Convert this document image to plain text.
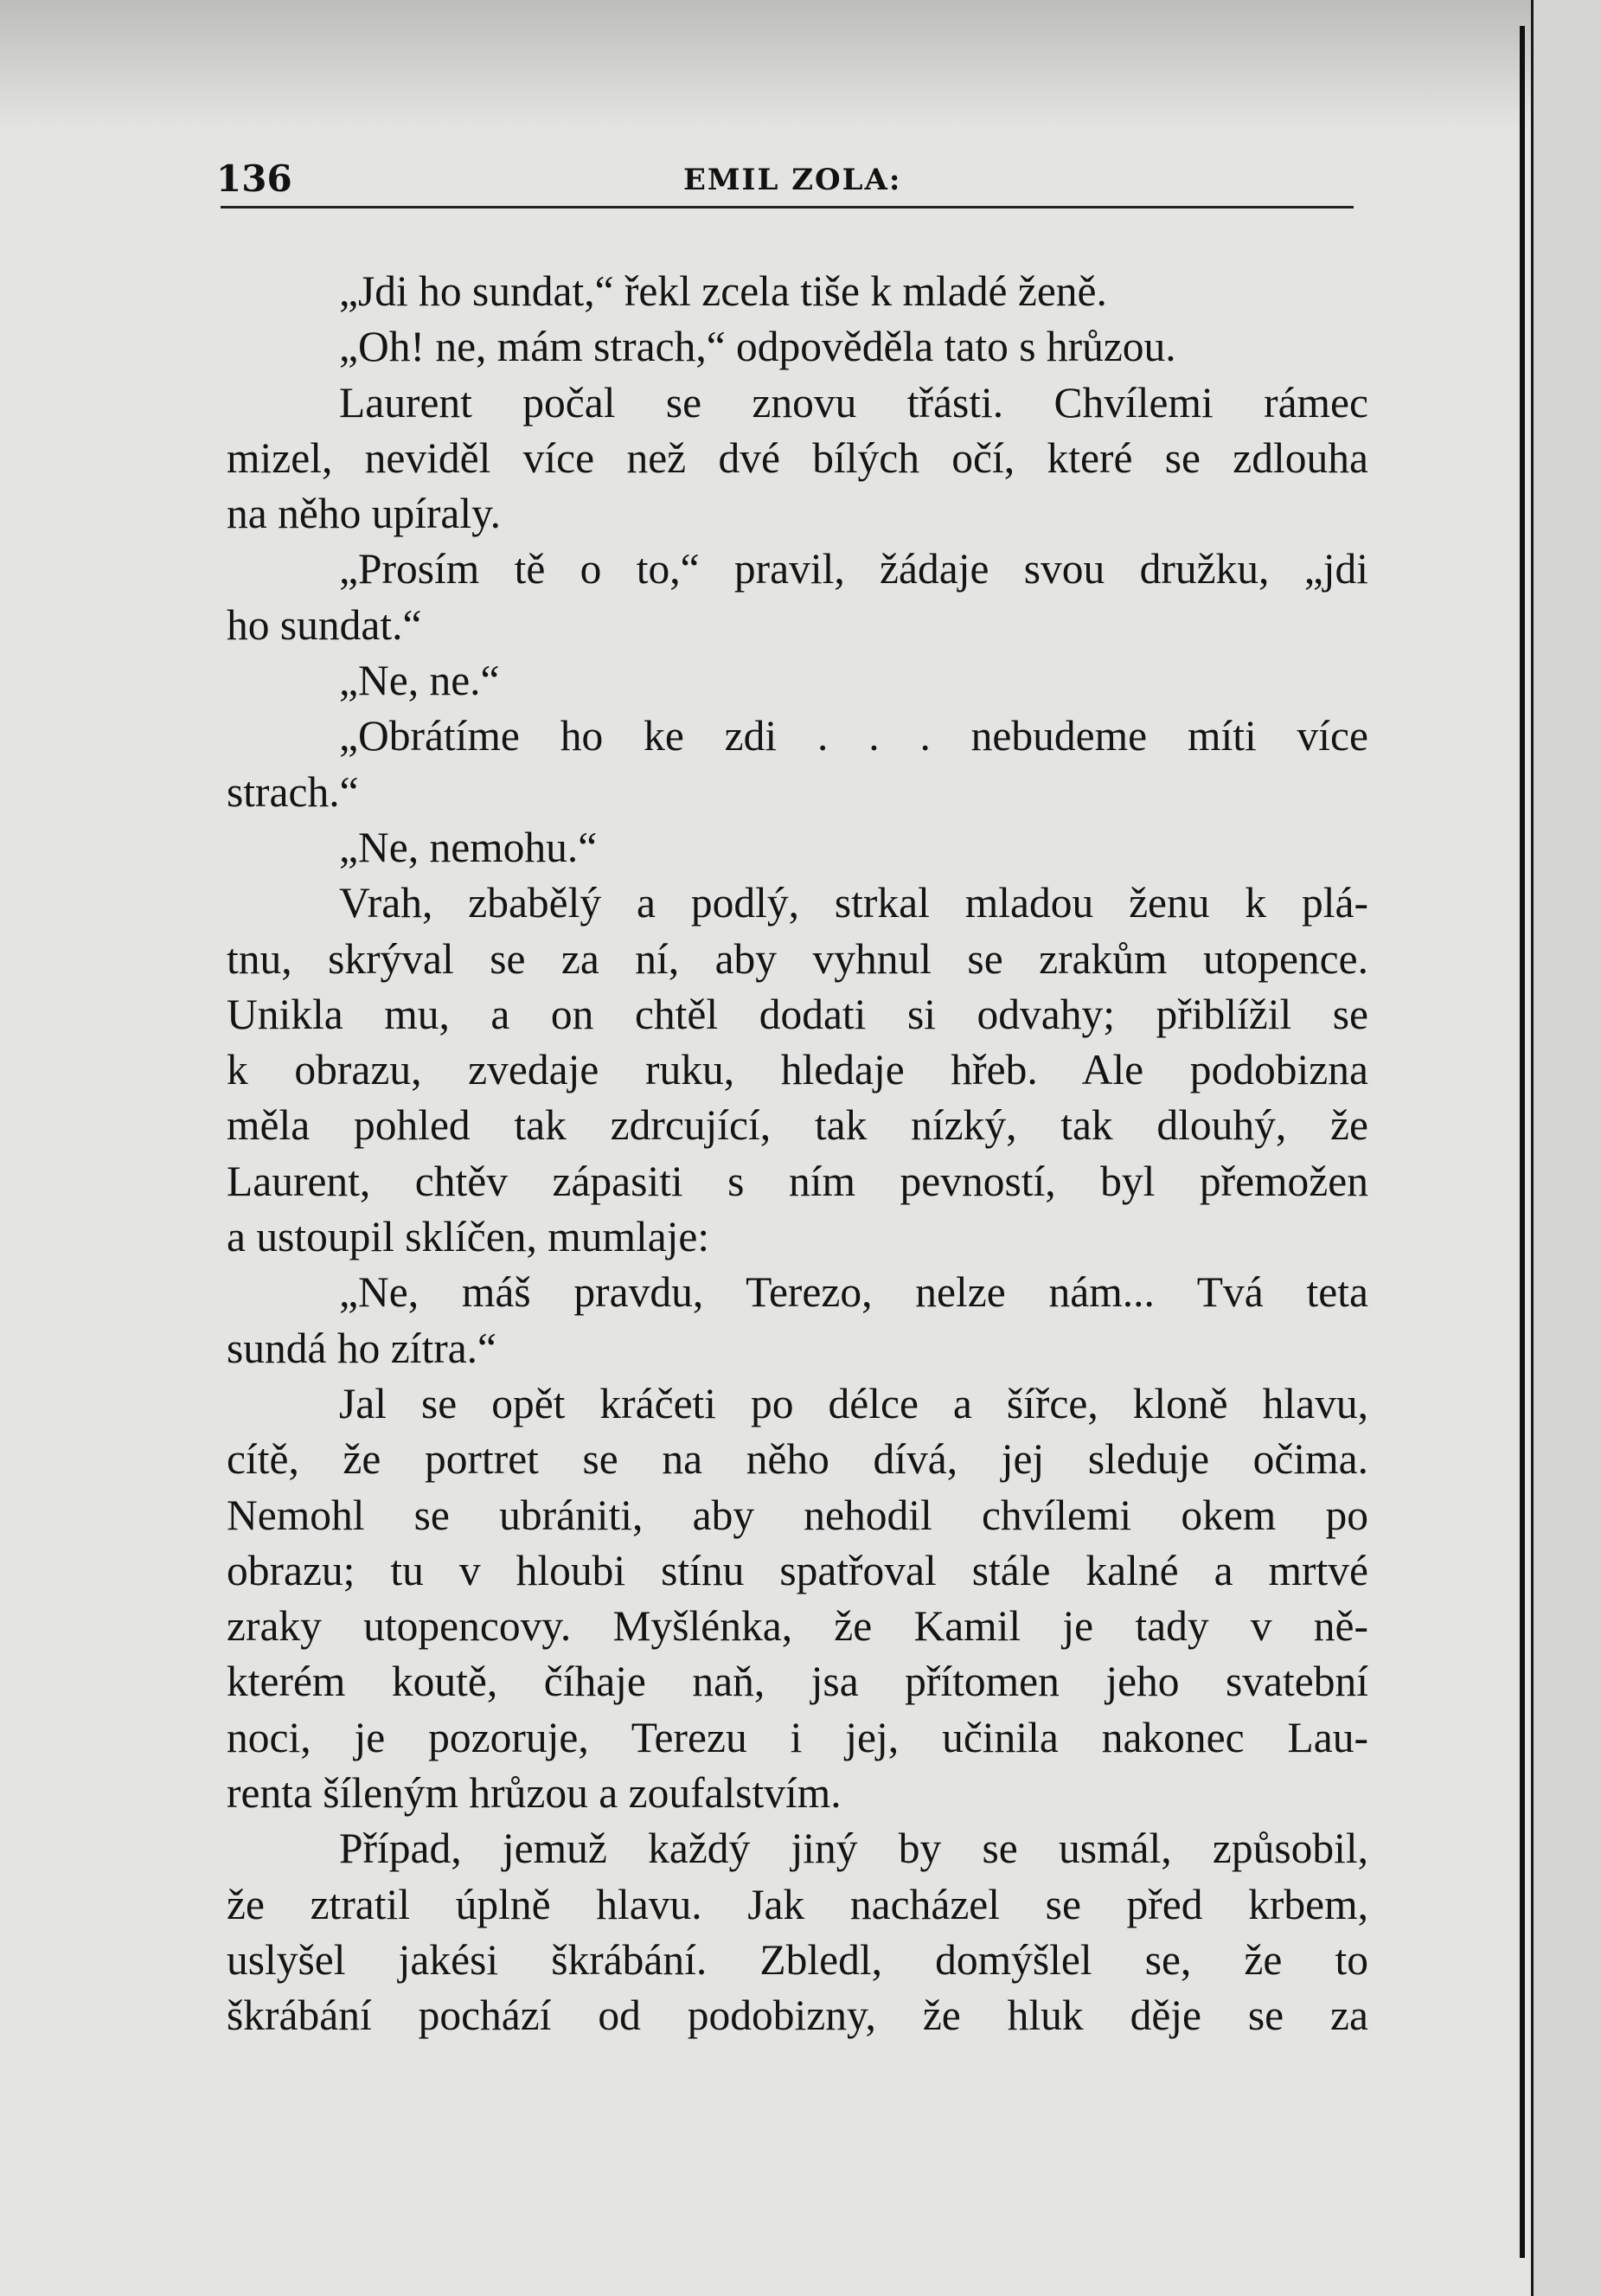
136	EMIL ZOLA:
„Jdi ho sundat,“ řekl zcela tiše k mladé ženě.
„Oh! ne, mám strach,“ odpověděla tato s hrůzou.
Laurent počal se znovu třásti. Chvílemi rámec
mizel, neviděl více než dvé bílých očí, které se zdlouha
na něho upíraly.
„Prosím tě o to,“ pravil, žádaje svou družku, „jdi
ho sundat.“
„Ne, ne.“
„Obrátíme ho ke zdi . . . nebudeme míti více
strach.“
„Ne, nemohu.“
Vrah, zbabělý a podlý, strkal mladou ženu k plá-
tnu, skrýval se za ní, aby vyhnul se zrakům utopence.
Unikla mu, a on chtěl dodati si odvahy; přiblížil se
k obrazu, zvedaje ruku, hledaje hřeb. Ale podobizna
měla pohled tak zdrcující, tak nízký, tak dlouhý, že
Laurent, chtěv zápasiti s ním pevností, byl přemožen
a ustoupil sklíčen, mumlaje:
„Ne, máš pravdu, Terezo, nelze nám... Tvá teta
sundá ho zítra.“
Jal se opět kráčeti po délce a šířce, kloně hlavu,
cítě, že portret se na něho dívá, jej sleduje očima.
Nemohl se ubrániti, aby nehodil chvílemi okem po
obrazu; tu v hloubi stínu spatřoval stále kalné a mrtvé
zraky utopencovy. Myšlénka, že Kamil je tady v ně-
kterém koutě, číhaje naň, jsa přítomen jeho svatební
noci, je pozoruje, Terezu i jej, učinila nakonec Lau-
renta šíleným hrůzou a zoufalstvím.
Případ, jemuž každý jiný by se usmál, způsobil,
že ztratil úplně hlavu. Jak nacházel se před krbem,
uslyšel jakési škrábání. Zbledl, domýšlel se, že to
škrábání pochází od podobizny, že hluk děje se za
